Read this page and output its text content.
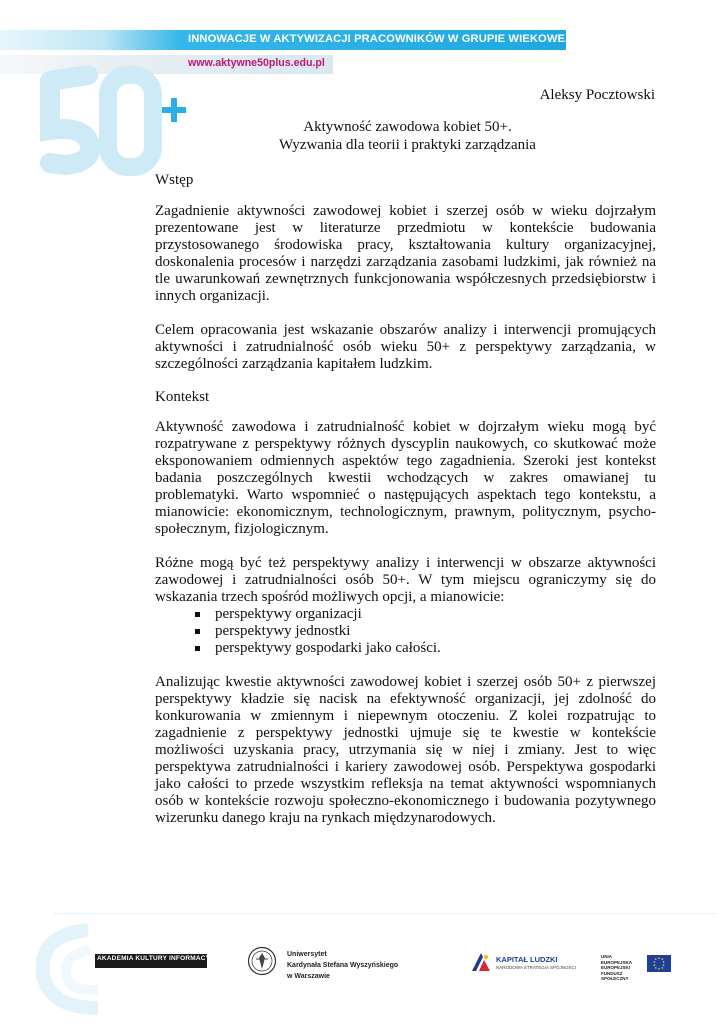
INNOWACJE W AKTYWIZACJI PRACOWNIKÓW W GRUPIE WIEKOWEJ 50+
www.aktywne50plus.edu.pl
Aleksy Pocztowski
Aktywność zawodowa kobiet 50+.
Wyzwania dla teorii i praktyki zarządzania
Wstęp

Zagadnienie aktywności zawodowej kobiet i szerzej osób w wieku dojrzałym prezentowane jest w literaturze przedmiotu w kontekście budowania przystosowanego środowiska pracy, kształtowania kultury organizacyjnej, doskonalenia procesów i narzędzi zarządzania zasobami ludzkimi, jak również na tle uwarunkowań zewnętrznych funkcjonowania współczesnych przedsiębiorstw i innych organizacji.

Celem opracowania jest wskazanie obszarów analizy i interwencji promujących aktywności i zatrudnialność osób wieku 50+ z perspektywy zarządzania, w szczególności zarządzania kapitałem ludzkim.

Kontekst

Aktywność zawodowa i zatrudnialność kobiet w dojrzałym wieku mogą być rozpatrywane z perspektywy różnych dyscyplin naukowych, co skutkować może eksponowaniem odmiennych aspektów tego zagadnienia. Szeroki jest kontekst badania poszczególnych kwestii wchodzących w zakres omawianej tu problematyki. Warto wspomnieć o następujących aspektach tego kontekstu, a mianowicie: ekonomicznym, technologicznym, prawnym, politycznym, psycho-społecznym, fizjologicznym.

Różne mogą być też perspektywy analizy i interwencji w obszarze aktywności zawodowej i zatrudnialności osób 50+. W tym miejscu ograniczymy się do wskazania trzech spośród możliwych opcji, a mianowicie:

perspektywy organizacji
perspektywy jednostki
perspektywy gospodarki jako całości.

Analizując kwestie aktywności zawodowej kobiet i szerzej osób 50+ z pierwszej perspektywy kładzie się nacisk na efektywność organizacji, jej zdolność do konkurowania w zmiennym i niepewnym otoczeniu. Z kolei rozpatrując to zagadnienie z perspektywy jednostki ujmuje się te kwestie w kontekście możliwości uzyskania pracy, utrzymania się w niej i zmiany. Jest to więc perspektywa zatrudnialności i kariery zawodowej osób. Perspektywa gospodarki jako całości to przede wszystkim refleksja na temat aktywności wspomnianych osób w kontekście rozwoju społeczno-ekonomicznego i budowania pozytywnego wizerunku danego kraju na rynkach międzynarodowych.

AKADEMIA KULTURY INFORMACYJNEJ
Uniwersytet
Kardynała Stefana Wyszyńskiego
w Warszawie
KAPITAŁ LUDZKI
NARODOWA STRATEGIA SPÓJNOŚCI
UNIA EUROPEJSKA EUROPEJSKI FUNDUSZ SPOŁECZNY
